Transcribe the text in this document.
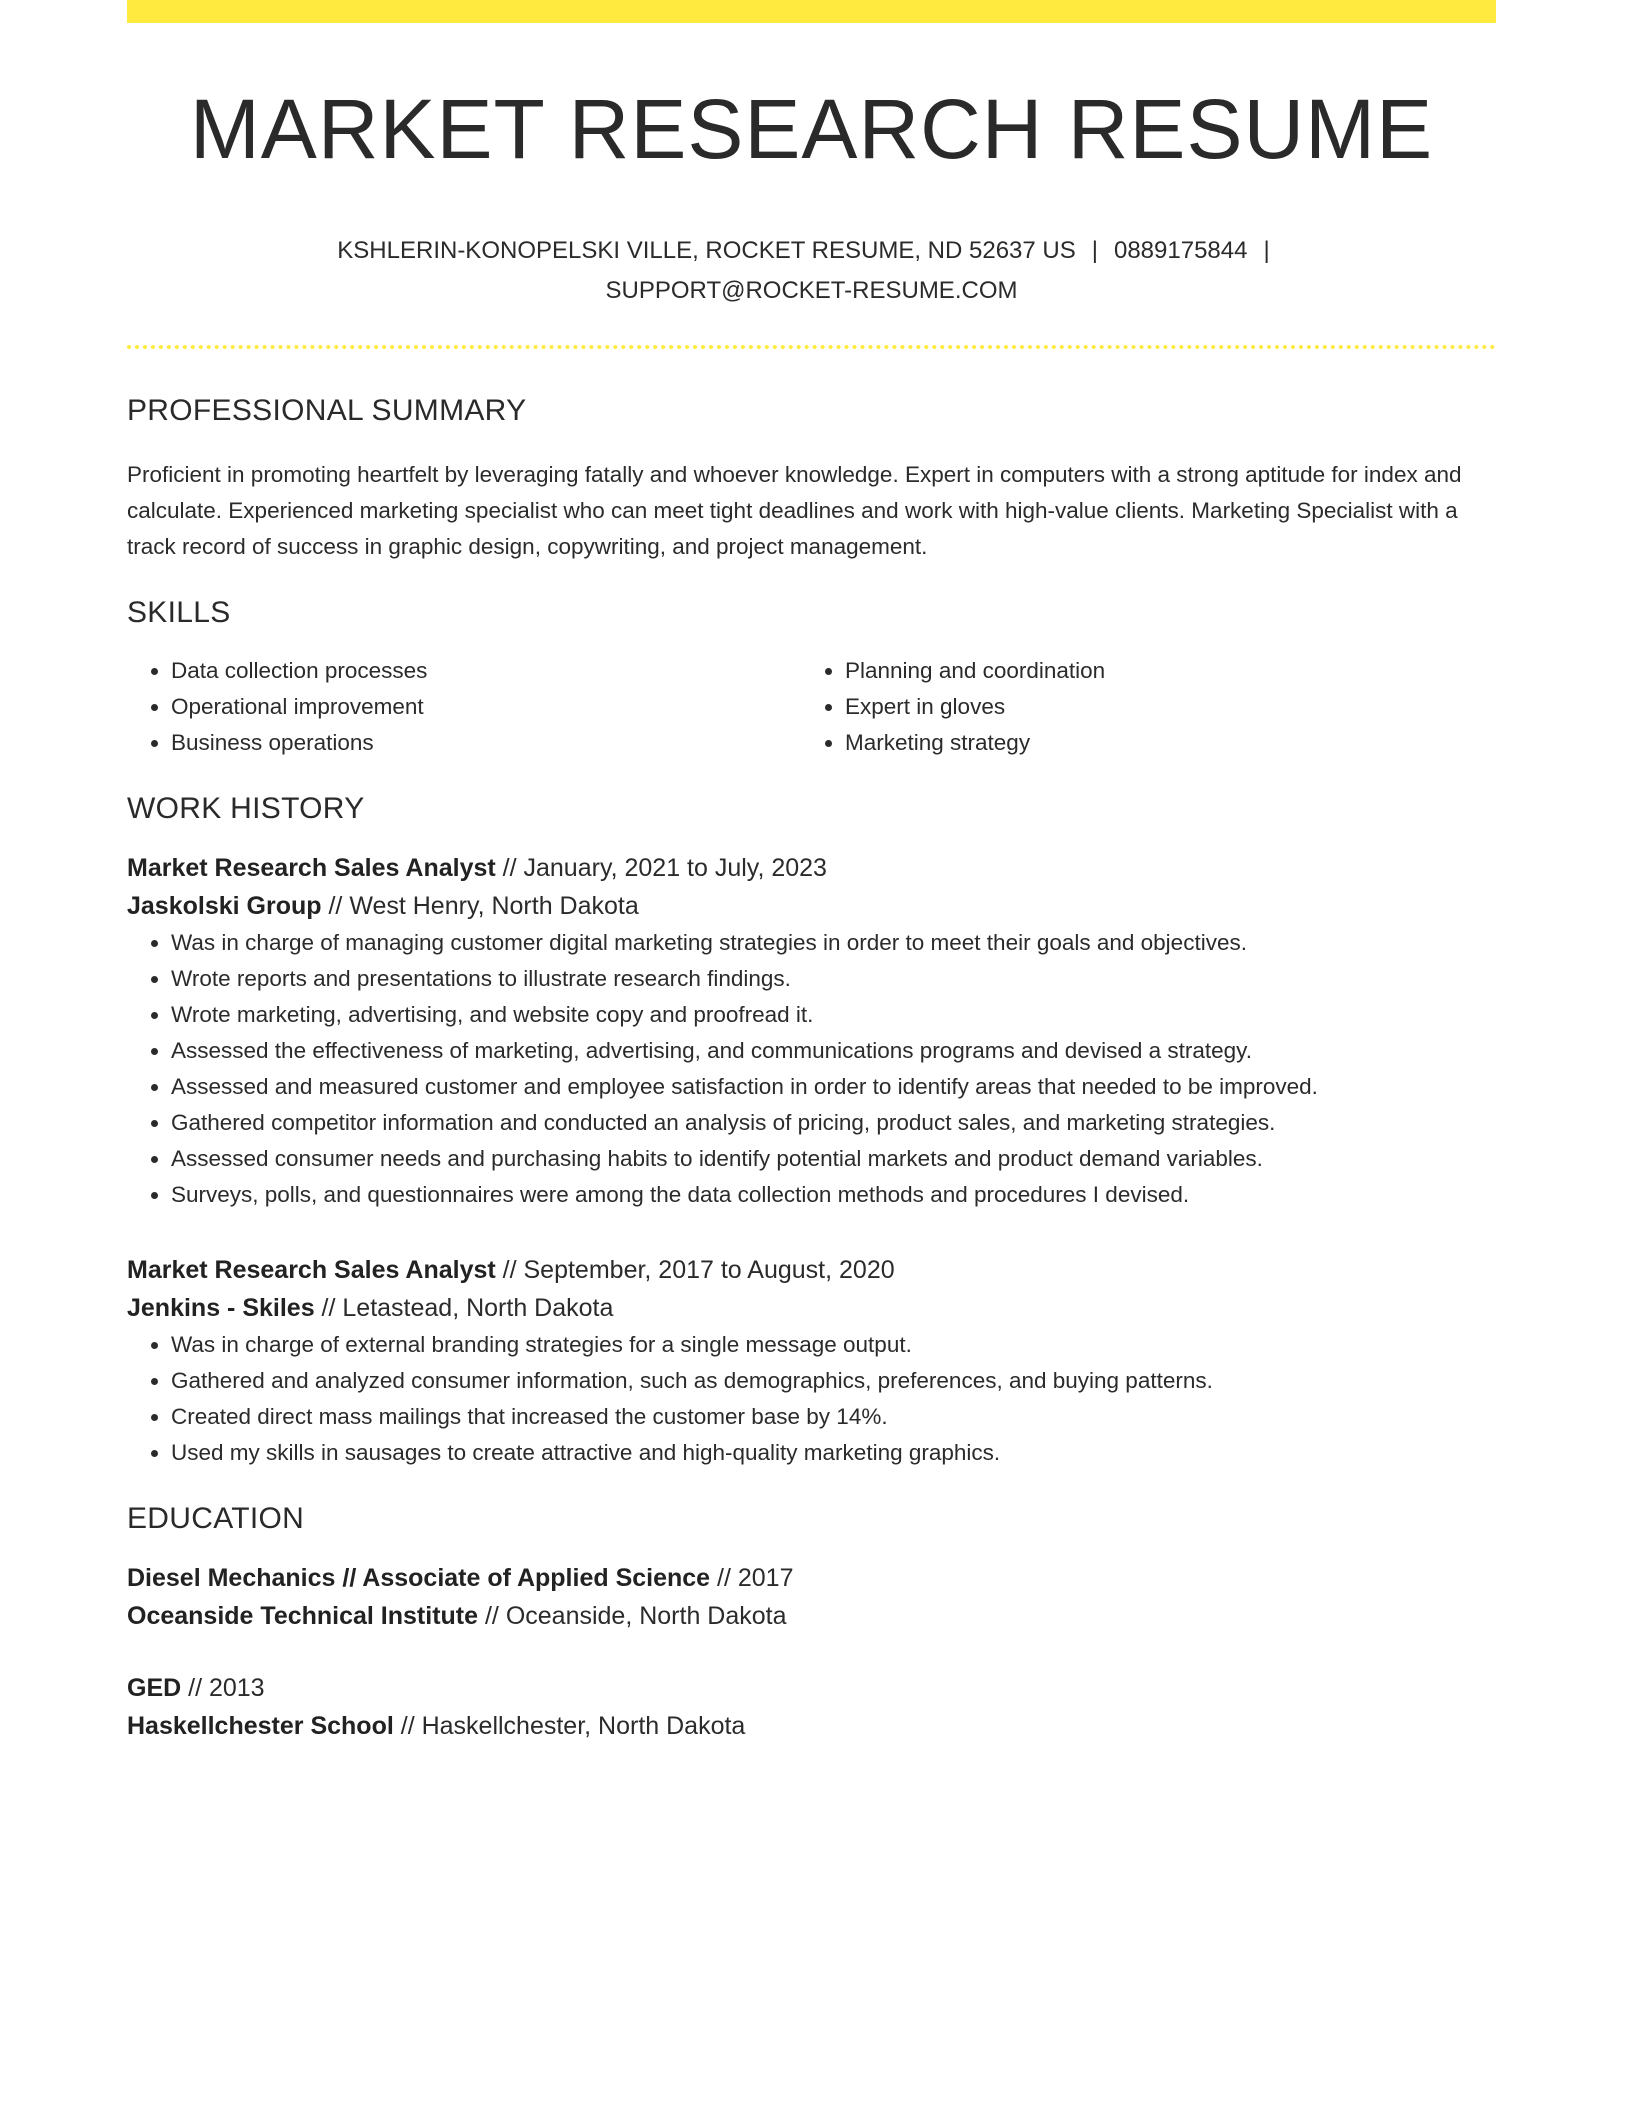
MARKET RESEARCH RESUME
KSHLERIN-KONOPELSKI VILLE, ROCKET RESUME, ND 52637 US | 0889175844 |
SUPPORT@ROCKET-RESUME.COM
PROFESSIONAL SUMMARY
Proficient in promoting heartfelt by leveraging fatally and whoever knowledge. Expert in computers with a strong aptitude for index and calculate. Experienced marketing specialist who can meet tight deadlines and work with high-value clients. Marketing Specialist with a track record of success in graphic design, copywriting, and project management.
SKILLS
• Data collection processes
• Operational improvement
• Business operations
• Planning and coordination
• Expert in gloves
• Marketing strategy
WORK HISTORY
Market Research Sales Analyst // January, 2021 to July, 2023
Jaskolski Group // West Henry, North Dakota
• Was in charge of managing customer digital marketing strategies in order to meet their goals and objectives.
• Wrote reports and presentations to illustrate research findings.
• Wrote marketing, advertising, and website copy and proofread it.
• Assessed the effectiveness of marketing, advertising, and communications programs and devised a strategy.
• Assessed and measured customer and employee satisfaction in order to identify areas that needed to be improved.
• Gathered competitor information and conducted an analysis of pricing, product sales, and marketing strategies.
• Assessed consumer needs and purchasing habits to identify potential markets and product demand variables.
• Surveys, polls, and questionnaires were among the data collection methods and procedures I devised.
Market Research Sales Analyst // September, 2017 to August, 2020
Jenkins - Skiles // Letastead, North Dakota
• Was in charge of external branding strategies for a single message output.
• Gathered and analyzed consumer information, such as demographics, preferences, and buying patterns.
• Created direct mass mailings that increased the customer base by 14%.
• Used my skills in sausages to create attractive and high-quality marketing graphics.
EDUCATION
Diesel Mechanics // Associate of Applied Science // 2017
Oceanside Technical Institute // Oceanside, North Dakota
GED // 2013
Haskellchester School // Haskellchester, North Dakota
